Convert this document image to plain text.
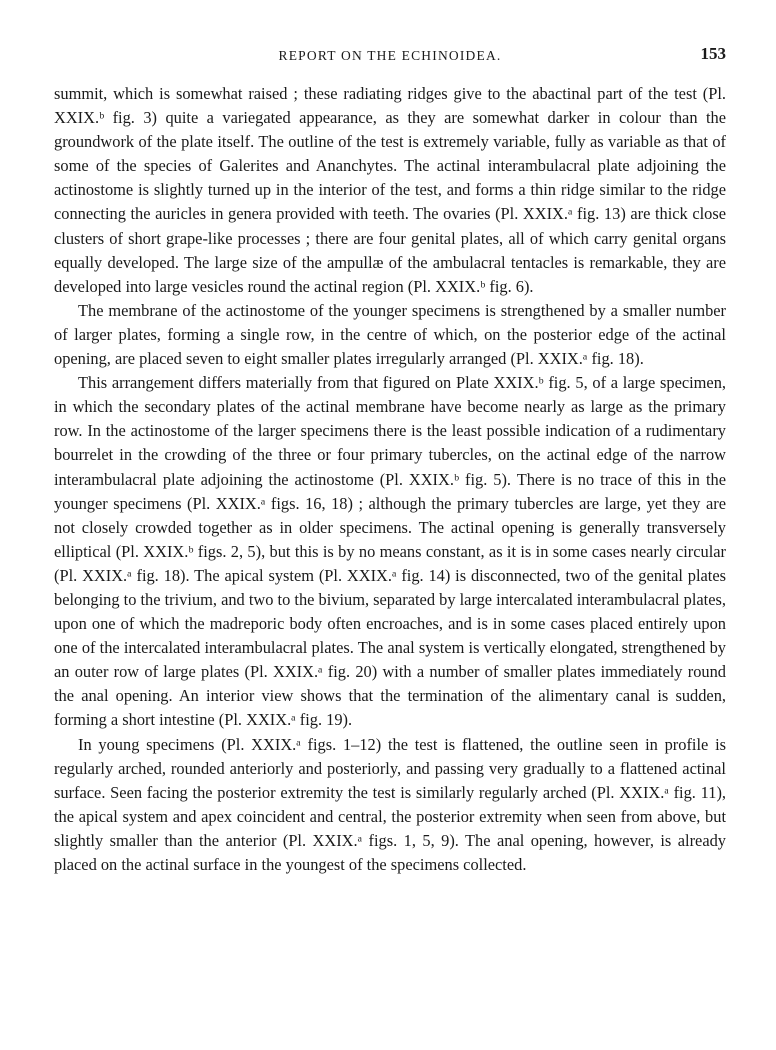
REPORT ON THE ECHINOIDEA.	153

summit, which is somewhat raised ; these radiating ridges give to the abactinal part of the test (Pl. XXIX.ᵇ fig. 3) quite a variegated appearance, as they are somewhat darker in colour than the groundwork of the plate itself. The outline of the test is extremely variable, fully as variable as that of some of the species of Galerites and Ananchytes. The actinal interambulacral plate adjoining the actinostome is slightly turned up in the interior of the test, and forms a thin ridge similar to the ridge connecting the auricles in genera provided with teeth. The ovaries (Pl. XXIX.ᵃ fig. 13) are thick close clusters of short grape-like processes ; there are four genital plates, all of which carry genital organs equally developed. The large size of the ampullæ of the ambulacral tentacles is remarkable, they are developed into large vesicles round the actinal region (Pl. XXIX.ᵇ fig. 6).

The membrane of the actinostome of the younger specimens is strengthened by a smaller number of larger plates, forming a single row, in the centre of which, on the posterior edge of the actinal opening, are placed seven to eight smaller plates irregularly arranged (Pl. XXIX.ᵃ fig. 18).

This arrangement differs materially from that figured on Plate XXIX.ᵇ fig. 5, of a large specimen, in which the secondary plates of the actinal membrane have become nearly as large as the primary row. In the actinostome of the larger specimens there is the least possible indication of a rudimentary bourrelet in the crowding of the three or four primary tubercles, on the actinal edge of the narrow interambulacral plate adjoining the actinostome (Pl. XXIX.ᵇ fig. 5). There is no trace of this in the younger specimens (Pl. XXIX.ᵃ figs. 16, 18) ; although the primary tubercles are large, yet they are not closely crowded together as in older specimens. The actinal opening is generally transversely elliptical (Pl. XXIX.ᵇ figs. 2, 5), but this is by no means constant, as it is in some cases nearly circular (Pl. XXIX.ᵃ fig. 18). The apical system (Pl. XXIX.ᵃ fig. 14) is disconnected, two of the genital plates belonging to the trivium, and two to the bivium, separated by large intercalated interambulacral plates, upon one of which the madreporic body often encroaches, and is in some cases placed entirely upon one of the intercalated interambulacral plates. The anal system is vertically elongated, strengthened by an outer row of large plates (Pl. XXIX.ᵃ fig. 20) with a number of smaller plates immediately round the anal opening. An interior view shows that the termination of the alimentary canal is sudden, forming a short intestine (Pl. XXIX.ᵃ fig. 19).

In young specimens (Pl. XXIX.ᵃ figs. 1–12) the test is flattened, the outline seen in profile is regularly arched, rounded anteriorly and posteriorly, and passing very gradually to a flattened actinal surface. Seen facing the posterior extremity the test is similarly regularly arched (Pl. XXIX.ᵃ fig. 11), the apical system and apex coincident and central, the posterior extremity when seen from above, but slightly smaller than the anterior (Pl. XXIX.ᵃ figs. 1, 5, 9). The anal opening, however, is already placed on the actinal surface in the youngest of the specimens collected.
